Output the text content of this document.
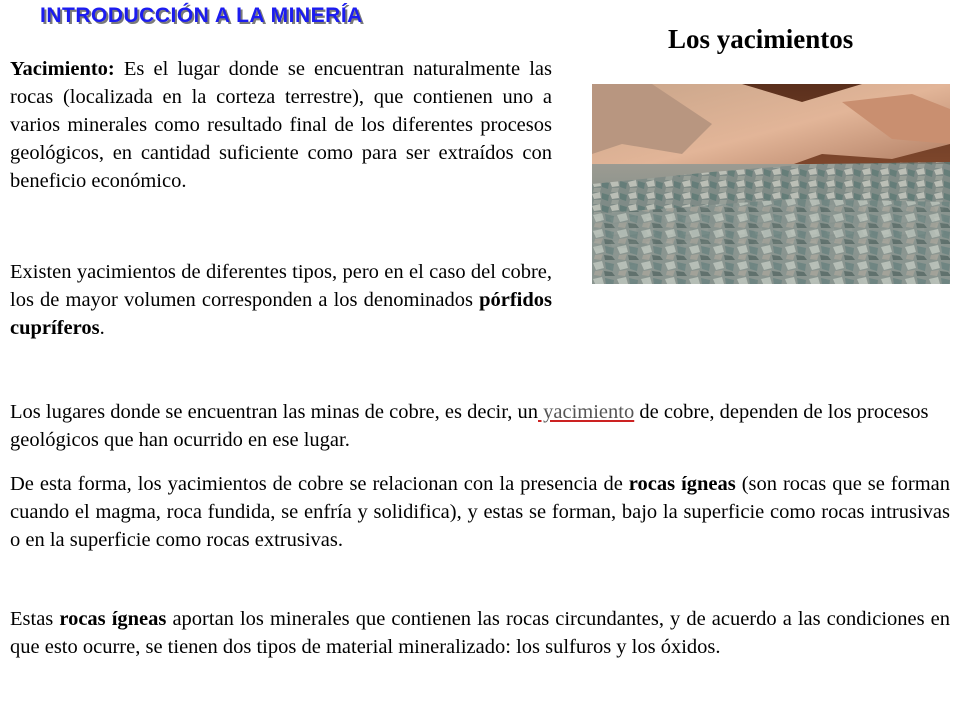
INTRODUCCIÓN A LA MINERÍA
Los yacimientos

Yacimiento: Es el lugar donde se encuentran naturalmente las rocas (localizada en la corteza terrestre), que contienen uno a varios minerales como resultado final de los diferentes procesos geológicos, en cantidad suficiente como para ser extraídos con beneficio económico.

Existen yacimientos de diferentes tipos, pero en el caso del cobre, los de mayor volumen corresponden a los denominados pórfidos cupríferos.

Los lugares donde se encuentran las minas de cobre, es decir, un yacimiento de cobre, dependen de los procesos geológicos que han ocurrido en ese lugar.

De esta forma, los yacimientos de cobre se relacionan con la presencia de rocas ígneas (son rocas que se forman cuando el magma, roca fundida, se enfría y solidifica), y estas se forman, bajo la superficie como rocas intrusivas o en la superficie como rocas extrusivas.

Estas rocas ígneas aportan los minerales que contienen las rocas circundantes, y de acuerdo a las condiciones en que esto ocurre, se tienen dos tipos de material mineralizado: los sulfuros y los óxidos.
